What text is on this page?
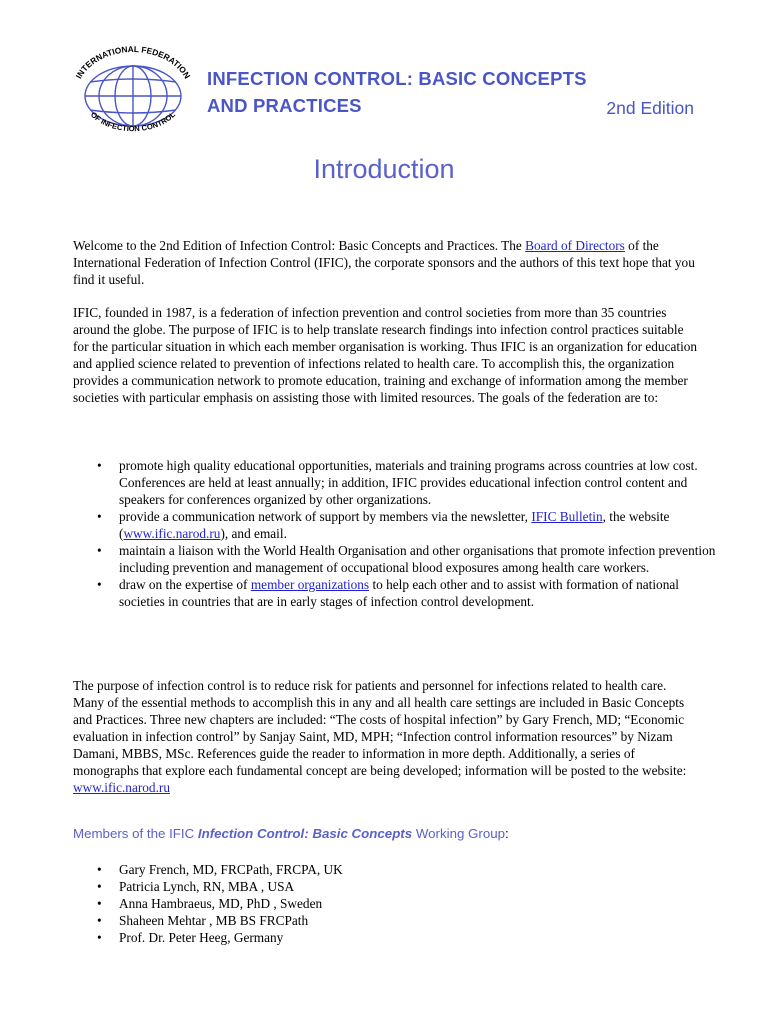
INTERNATIONAL FEDERATION
OF INFECTION CONTROL
INFECTION CONTROL: BASIC CONCEPTS
AND PRACTICES	2nd Edition
Introduction

Welcome to the 2nd Edition of Infection Control: Basic Concepts and Practices. The Board of Directors of the International Federation of Infection Control (IFIC), the corporate sponsors and the authors of this text hope that you find it useful.

IFIC, founded in 1987, is a federation of infection prevention and control societies from more than 35 countries around the globe. The purpose of IFIC is to help translate research findings into infection control practices suitable for the particular situation in which each member organisation is working. Thus IFIC is an organization for education and applied science related to prevention of infections related to health care. To accomplish this, the organization provides a communication network to promote education, training and exchange of information among the member societies with particular emphasis on assisting those with limited resources. The goals of the federation are to:

• promote high quality educational opportunities, materials and training programs across countries at low cost. Conferences are held at least annually; in addition, IFIC provides educational infection control content and speakers for conferences organized by other organizations.
• provide a communication network of support by members via the newsletter, IFIC Bulletin, the website (www.ific.narod.ru), and email.
• maintain a liaison with the World Health Organisation and other organisations that promote infection prevention including prevention and management of occupational blood exposures among health care workers.
• draw on the expertise of member organizations to help each other and to assist with formation of national societies in countries that are in early stages of infection control development.

The purpose of infection control is to reduce risk for patients and personnel for infections related to health care. Many of the essential methods to accomplish this in any and all health care settings are included in Basic Concepts and Practices. Three new chapters are included: “The costs of hospital infection” by Gary French, MD; “Economic evaluation in infection control” by Sanjay Saint, MD, MPH; “Infection control information resources” by Nizam Damani, MBBS, MSc. References guide the reader to information in more depth. Additionally, a series of monographs that explore each fundamental concept are being developed; information will be posted to the website: www.ific.narod.ru

Members of the IFIC Infection Control: Basic Concepts Working Group:
• Gary French, MD, FRCPath, FRCPA, UK
• Patricia Lynch, RN, MBA , USA
• Anna Hambraeus, MD, PhD , Sweden
• Shaheen Mehtar , MB BS FRCPath
• Prof. Dr. Peter Heeg, Germany
